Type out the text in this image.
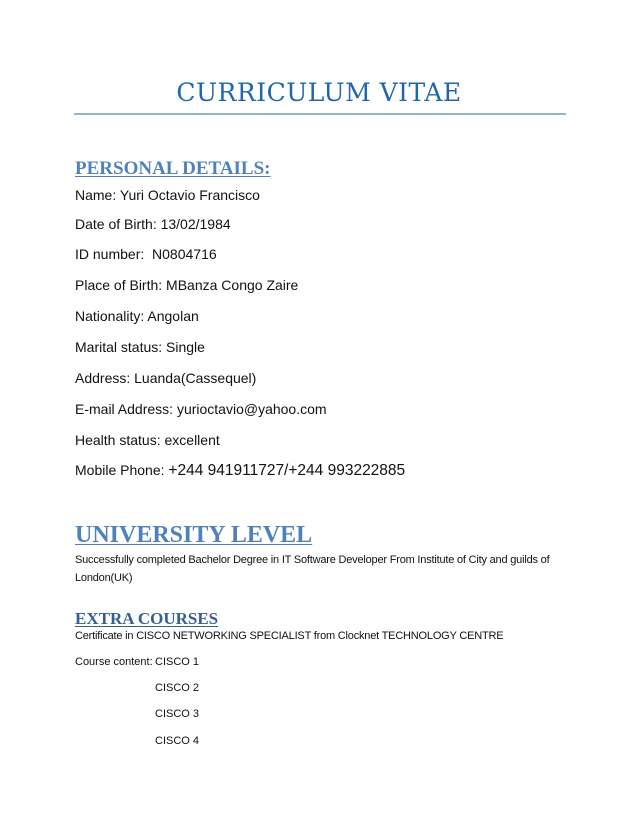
CURRICULUM VITAE
PERSONAL DETAILS:
Name: Yuri Octavio Francisco
Date of Birth: 13/02/1984
ID number: N0804716
Place of Birth: MBanza Congo Zaire
Nationality: Angolan
Marital status: Single
Address: Luanda(Cassequel)
E-mail Address: yurioctavio@yahoo.com
Health status: excellent
Mobile Phone: +244 941911727/+244 993222885
UNIVERSITY LEVEL
Successfully completed Bachelor Degree in IT Software Developer From Institute of City and guilds of
London(UK)
EXTRA COURSES
Certificate in CISCO NETWORKING SPECIALIST from Clocknet TECHNOLOGY CENTRE
Course content: CISCO 1
CISCO 2
CISCO 3
CISCO 4
